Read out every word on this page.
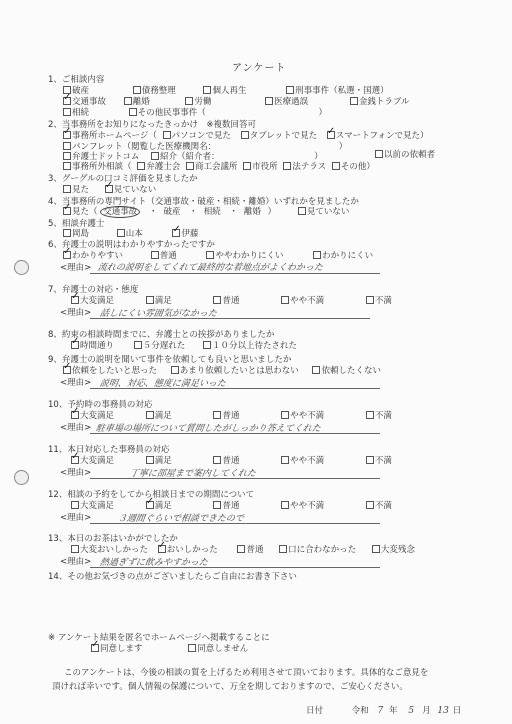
アンケート
1、ご相談内容
破産	債務整理	個人再生	刑事事件（私選・国選）
✓交通事故	離婚	労働	医療過誤	金銭トラブル
相続	その他民事事件（	）
2、当事務所をお知りになったきっかけ　※複数回答可
✓事務所ホームページ（ パソコンで見た タブレットで見た ✓ スマートフォンで見た）
パンフレット（閲覧した医療機関名：	）
以前の依頼者
弁護士ドットコム 紹介（紹介者：	）
事務所外相談（ 弁護士会 商工会議所 市役所 法テラス その他）
3、グーグルの口コミ評価を見ましたか
見た ✓	見ていない
4、当事務所の専門サイト（交通事故・破産・相続・離婚）いずれかを見ましたか
✓見た（ 交通事故 ・ 破産 ・ 相続 ・ 離婚 ）	見ていない
5、相談弁護士
岡島	山本 ✓	伊藤
6、弁護士の説明はわかりやすかったですか
✓わかりやすい	普通	ややわかりにくい	わかりにくい
<理由> 流れの説明をしてくれて最終的な着地点がよくわかった
7、弁護士の対応・態度
✓大変満足	満足	普通	やや不満	不満
<理由> 話しにくい雰囲気がなかった
8、約束の相談時間までに、弁護士との挨拶がありましたか
✓時間通り	５分遅れた	１０分以上待たされた
9、弁護士の説明を聞いて事件を依頼しても良いと思いましたか
✓依頼をしたいと思った	あまり依頼したいとは思わない	依頼したくない
<理由> 説明、対応、態度に満足いった
10、予約時の事務員の対応
✓大変満足	満足	普通	やや不満	不満
<理由> 駐車場の場所について質問したがしっかり答えてくれた
11、本日対応した事務員の対応
✓大変満足	満足	普通	やや不満	不満
<理由>	丁寧に部屋まで案内してくれた
12、相談の予約をしてから相談日までの期間について
大変満足 ✓	満足	普通	やや不満	不満
<理由>	３週間ぐらいで相談できたので
13、本日のお茶はいかがでしたか
大変おいしかった ✓ おいしかった	普通	口に合わなかった	大変残念
<理由> 熱過ぎずに飲みやすかった
14、その他お気づきの点がございましたらご自由にお書き下さい
※ アンケート結果を匿名でホームページへ掲載することに
✓同意します	同意しません
このアンケートは、今後の相談の質を上げるため利用させて頂いております。具体的なご意見を
頂ければ幸いです。個人情報の保護について、万全を期しておりますので、ご安心ください。
日付	令和 7 年 5 月 13 日
